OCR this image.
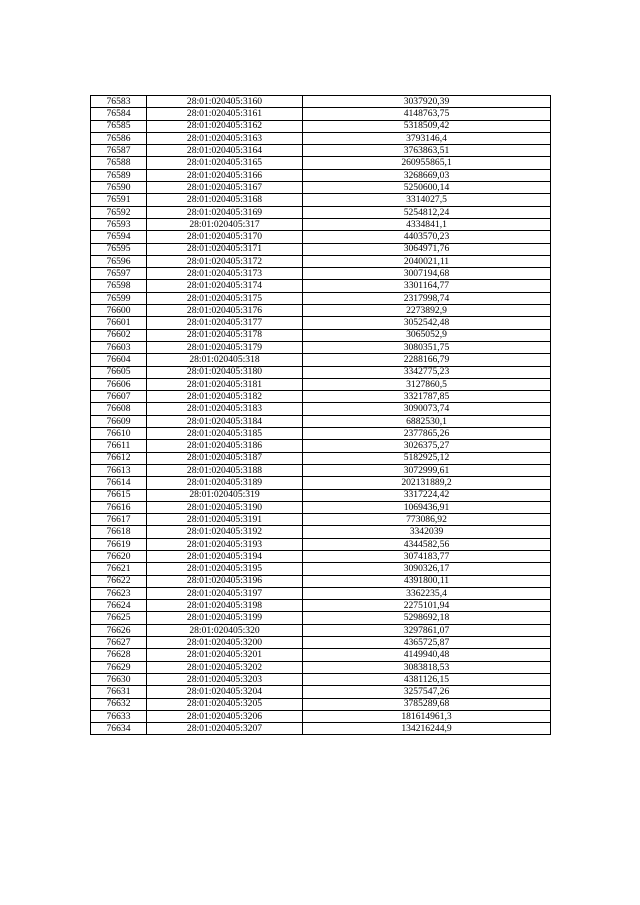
76583	28:01:020405:3160	3037920,39
76584	28:01:020405:3161	4148763,75
76585	28:01:020405:3162	5318509,42
76586	28:01:020405:3163	3793146,4
76587	28:01:020405:3164	3763863,51
76588	28:01:020405:3165	260955865,1
76589	28:01:020405:3166	3268669,03
76590	28:01:020405:3167	5250600,14
76591	28:01:020405:3168	3314027,5
76592	28:01:020405:3169	5254812,24
76593	28:01:020405:317	4334841,1
76594	28:01:020405:3170	4403570,23
76595	28:01:020405:3171	3064971,76
76596	28:01:020405:3172	2040021,11
76597	28:01:020405:3173	3007194,68
76598	28:01:020405:3174	3301164,77
76599	28:01:020405:3175	2317998,74
76600	28:01:020405:3176	2273892,9
76601	28:01:020405:3177	3052542,48
76602	28:01:020405:3178	3065052,9
76603	28:01:020405:3179	3080351,75
76604	28:01:020405:318	2288166,79
76605	28:01:020405:3180	3342775,23
76606	28:01:020405:3181	3127860,5
76607	28:01:020405:3182	3321787,85
76608	28:01:020405:3183	3090073,74
76609	28:01:020405:3184	6882530,1
76610	28:01:020405:3185	2377865,26
76611	28:01:020405:3186	3026375,27
76612	28:01:020405:3187	5182925,12
76613	28:01:020405:3188	3072999,61
76614	28:01:020405:3189	202131889,2
76615	28:01:020405:319	3317224,42
76616	28:01:020405:3190	1069436,91
76617	28:01:020405:3191	773086,92
76618	28:01:020405:3192	3342039
76619	28:01:020405:3193	4344582,56
76620	28:01:020405:3194	3074183,77
76621	28:01:020405:3195	3090326,17
76622	28:01:020405:3196	4391800,11
76623	28:01:020405:3197	3362235,4
76624	28:01:020405:3198	2275101,94
76625	28:01:020405:3199	5298692,18
76626	28:01:020405:320	3297861,07
76627	28:01:020405:3200	4365725,87
76628	28:01:020405:3201	4149940,48
76629	28:01:020405:3202	3083818,53
76630	28:01:020405:3203	4381126,15
76631	28:01:020405:3204	3257547,26
76632	28:01:020405:3205	3785289,68
76633	28:01:020405:3206	181614961,3
76634	28:01:020405:3207	134216244,9
